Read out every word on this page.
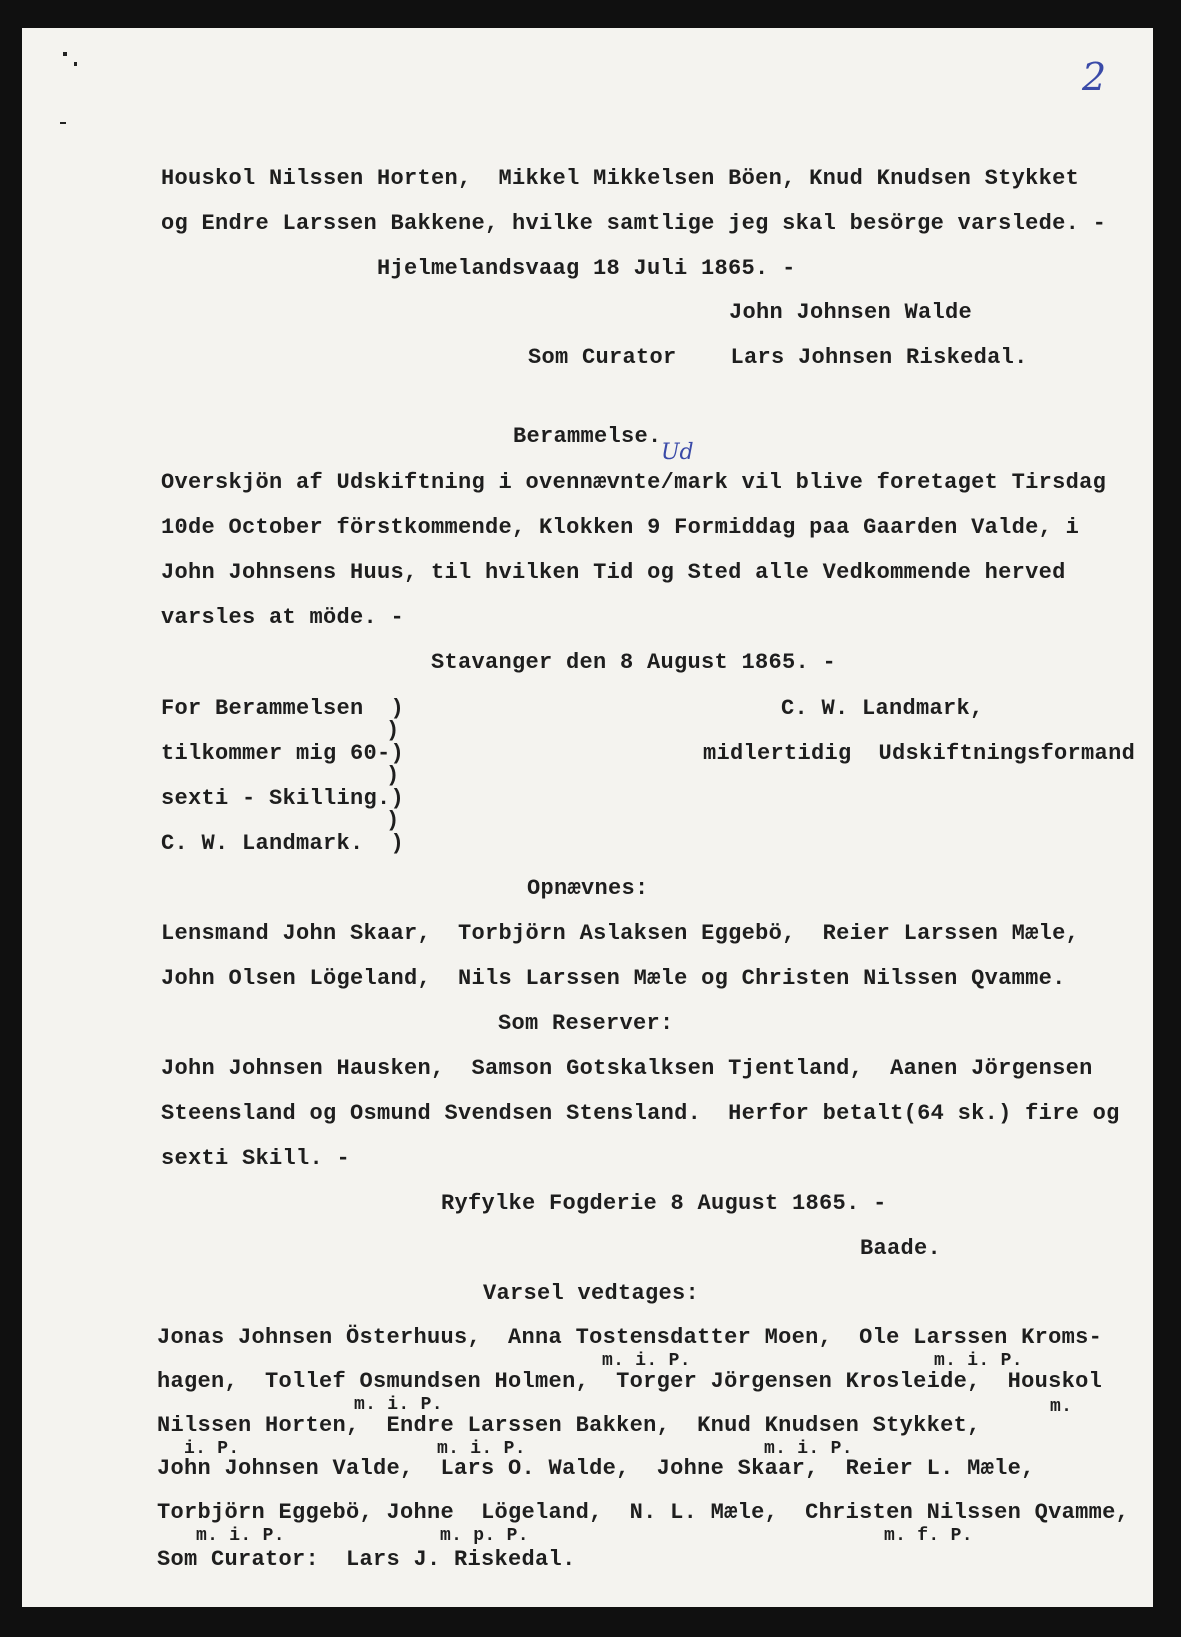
2
Ud
Houskol Nilssen Horten,  Mikkel Mikkelsen Böen, Knud Knudsen Stykket
og Endre Larssen Bakkene, hvilke samtlige jeg skal besörge varslede. -
Hjelmelandsvaag 18 Juli 1865. -
John Johnsen Walde
Som Curator    Lars Johnsen Riskedal.
Berammelse.
Overskjön af Udskiftning i ovennævnte/mark vil blive foretaget Tirsdag
10de October förstkommende, Klokken 9 Formiddag paa Gaarden Valde, i
John Johnsens Huus, til hvilken Tid og Sted alle Vedkommende herved
varsles at möde. -
Stavanger den 8 August 1865. -
For Berammelsen  )
)
tilkommer mig 60-)
)
sexti - Skilling.)
)
C. W. Landmark.  )
C. W. Landmark,
midlertidig  Udskiftningsformand
Opnævnes:
Lensmand John Skaar,  Torbjörn Aslaksen Eggebö,  Reier Larssen Mæle,
John Olsen Lögeland,  Nils Larssen Mæle og Christen Nilssen Qvamme.
Som Reserver:
John Johnsen Hausken,  Samson Gotskalksen Tjentland,  Aanen Jörgensen
Steensland og Osmund Svendsen Stensland.  Herfor betalt(64 sk.) fire og
sexti Skill. -
Ryfylke Fogderie 8 August 1865. -
Baade.
Varsel vedtages:
Jonas Johnsen Österhuus,  Anna Tostensdatter Moen,  Ole Larssen Kroms-
m. i. P.	m. i. P.
hagen,  Tollef Osmundsen Holmen,  Torger Jörgensen Krosleide,  Houskol
m. i. P.	m.
Nilssen Horten,  Endre Larssen Bakken,  Knud Knudsen Stykket,
i. P.	m. i. P.	m. i. P.
John Johnsen Valde,  Lars O. Walde,  Johne Skaar,  Reier L. Mæle,
Torbjörn Eggebö, Johne  Lögeland,  N. L. Mæle,  Christen Nilssen Qvamme,
m. i. P.	m. p. P.	m. f. P.
Som Curator:  Lars J. Riskedal.
